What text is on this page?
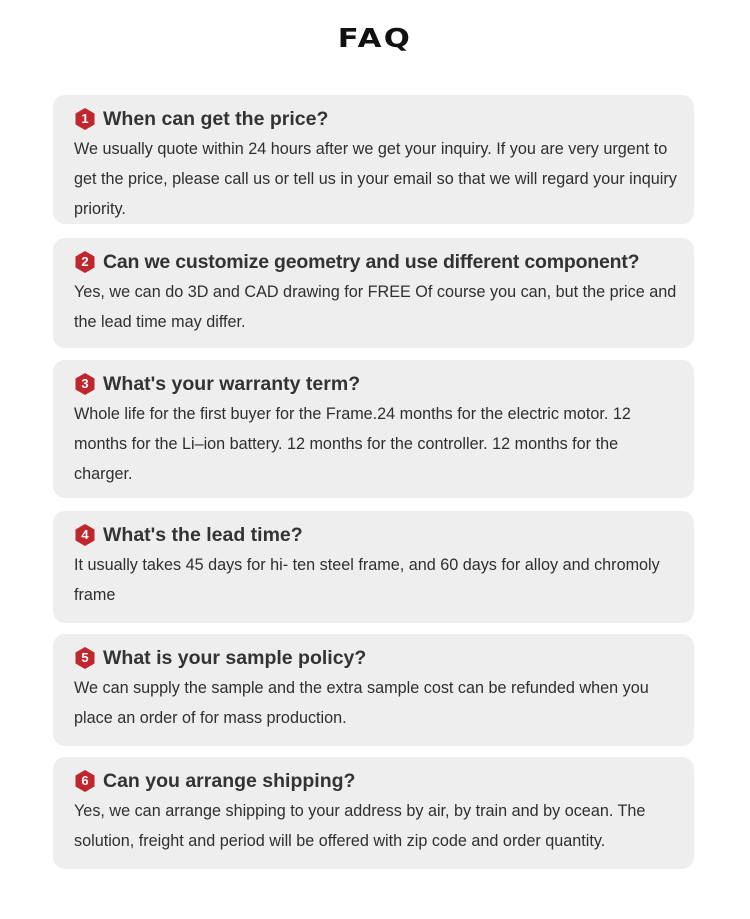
FAQ
1 When can get the price?
We usually quote within 24 hours after we get your inquiry. If you are very urgent to get the price, please call us or tell us in your email so that we will regard your inquiry priority.
2 Can we customize geometry and use different component?
Yes, we can do 3D and CAD drawing for FREE Of course you can, but the price and the lead time may differ.
3 What's your warranty term?
Whole life for the first buyer for the Frame.24 months for the electric motor. 12 months for the Li–ion battery. 12 months for the controller. 12 months for the charger.
4 What's the lead time?
It usually takes 45 days for hi- ten steel frame, and 60 days for alloy and chromoly frame
5 What is your sample policy?
We can supply the sample and the extra sample cost can be refunded when you place an order of for mass production.
6 Can you arrange shipping?
Yes, we can arrange shipping to your address by air, by train and by ocean. The solution, freight and period will be offered with zip code and order quantity.
